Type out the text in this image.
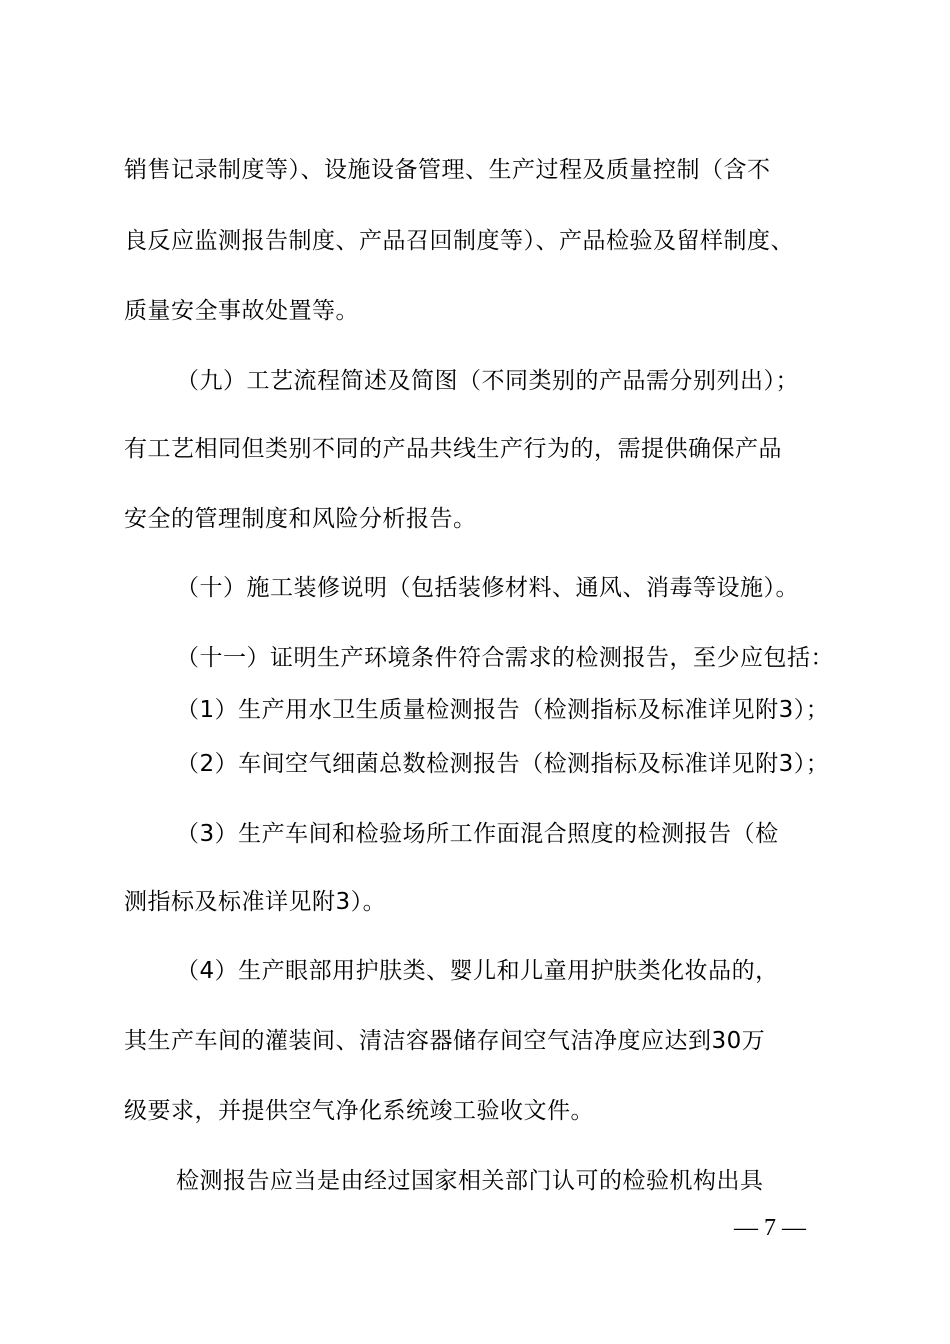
销售记录制度等）、设施设备管理、生产过程及质量控制（含不
良反应监测报告制度、产品召回制度等）、产品检验及留样制度、
质量安全事故处置等。
（九）工艺流程简述及简图（不同类别的产品需分别列出）；
有工艺相同但类别不同的产品共线生产行为的，需提供确保产品
安全的管理制度和风险分析报告。
（十）施工装修说明（包括装修材料、通风、消毒等设施）。
（十一）证明生产环境条件符合需求的检测报告，至少应包括：
（1）生产用水卫生质量检测报告（检测指标及标准详见附3）；
（2）车间空气细菌总数检测报告（检测指标及标准详见附3）；
（3）生产车间和检验场所工作面混合照度的检测报告（检
测指标及标准详见附3）。
（4）生产眼部用护肤类、婴儿和儿童用护肤类化妆品的，
其生产车间的灌装间、清洁容器储存间空气洁净度应达到30万
级要求，并提供空气净化系统竣工验收文件。
检测报告应当是由经过国家相关部门认可的检验机构出具
— 7 —
